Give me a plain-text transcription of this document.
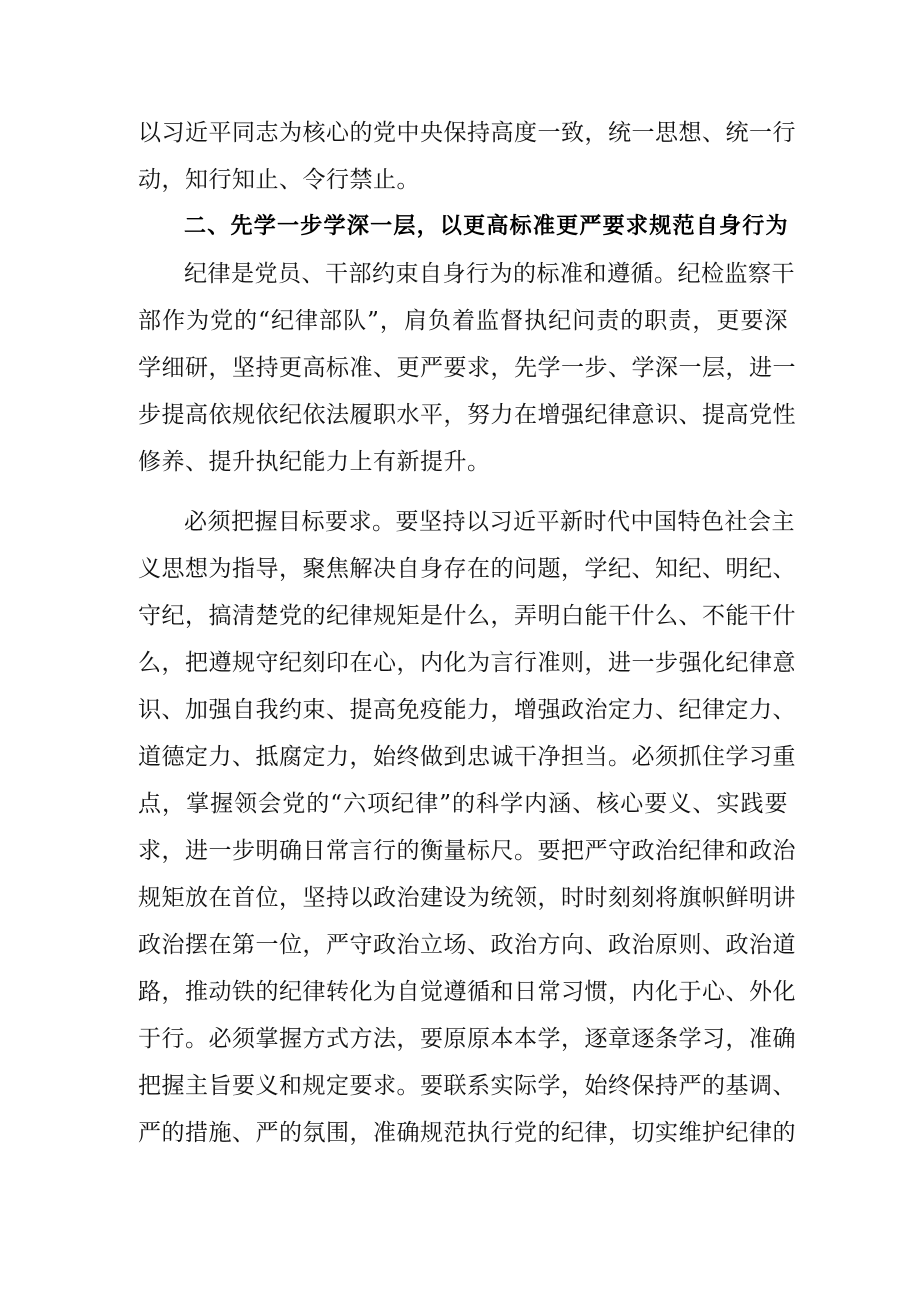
以习近平同志为核心的党中央保持高度一致，统一思想、统一行
动，知行知止、令行禁止。
二、先学一步学深一层，以更高标准更严要求规范自身行为
纪律是党员、干部约束自身行为的标准和遵循。纪检监察干
部作为党的“纪律部队”，肩负着监督执纪问责的职责，更要深
学细研，坚持更高标准、更严要求，先学一步、学深一层，进一
步提高依规依纪依法履职水平，努力在增强纪律意识、提高党性
修养、提升执纪能力上有新提升。
必须把握目标要求。要坚持以习近平新时代中国特色社会主
义思想为指导，聚焦解决自身存在的问题，学纪、知纪、明纪、
守纪，搞清楚党的纪律规矩是什么，弄明白能干什么、不能干什
么，把遵规守纪刻印在心，内化为言行准则，进一步强化纪律意
识、加强自我约束、提高免疫能力，增强政治定力、纪律定力、
道德定力、抵腐定力，始终做到忠诚干净担当。必须抓住学习重
点，掌握领会党的“六项纪律”的科学内涵、核心要义、实践要
求，进一步明确日常言行的衡量标尺。要把严守政治纪律和政治
规矩放在首位，坚持以政治建设为统领，时时刻刻将旗帜鲜明讲
政治摆在第一位，严守政治立场、政治方向、政治原则、政治道
路，推动铁的纪律转化为自觉遵循和日常习惯，内化于心、外化
于行。必须掌握方式方法，要原原本本学，逐章逐条学习，准确
把握主旨要义和规定要求。要联系实际学，始终保持严的基调、
严的措施、严的氛围，准确规范执行党的纪律，切实维护纪律的
